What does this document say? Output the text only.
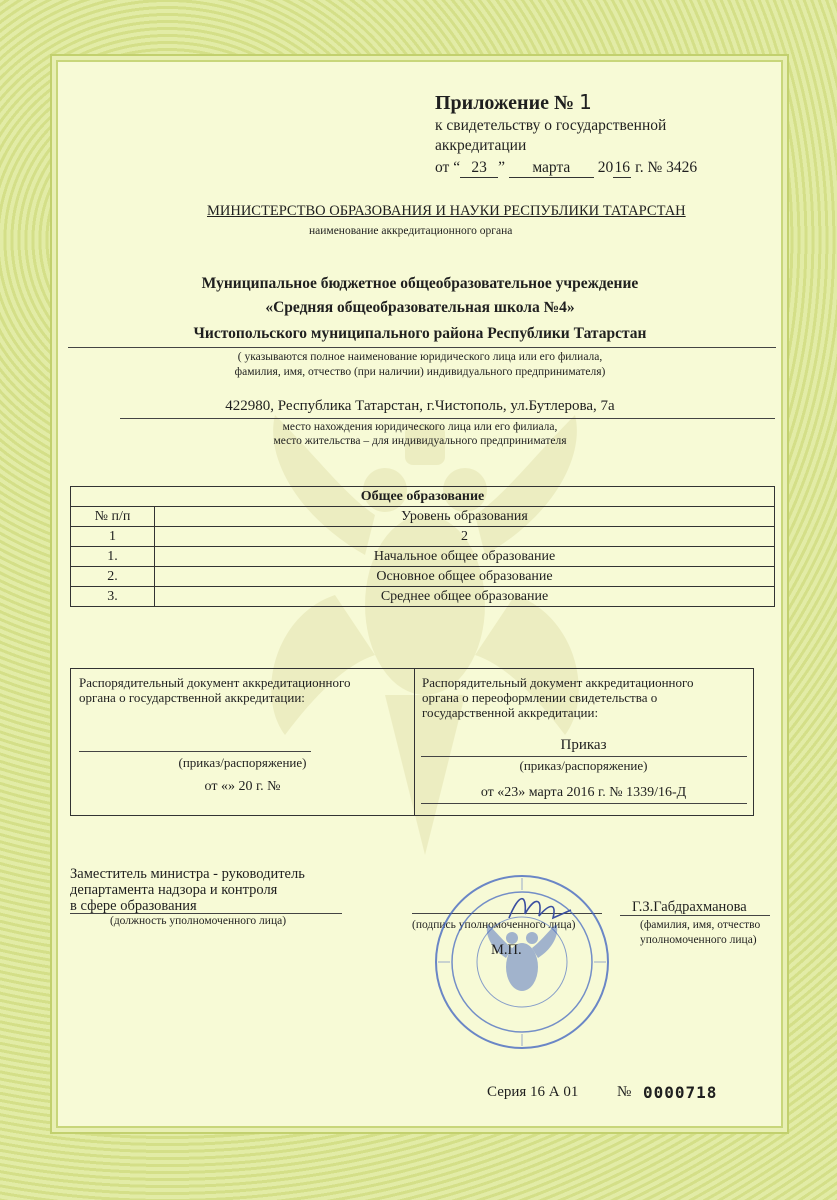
Приложение № 1
к свидетельству о государственной
аккредитации
от “ 23 ” марта 2016 г. № 3426
МИНИСТЕРСТВО ОБРАЗОВАНИЯ И НАУКИ РЕСПУБЛИКИ ТАТАРСТАН
наименование аккредитационного органа
Муниципальное бюджетное общеобразовательное учреждение
«Средняя общеобразовательная школа №4»
Чистопольского муниципального района Республики Татарстан
( указываются полное наименование юридического лица или его филиала,
фамилия, имя, отчество (при наличии) индивидуального предпринимателя)
422980, Республика Татарстан, г.Чистополь, ул.Бутлерова, 7а
место нахождения юридического лица или его филиала,
место жительства – для индивидуального предпринимателя
Общее образование	
№ п/п	Уровень образования
1	2
1.	Начальное общее образование
2.	Основное общее образование
3.	Среднее общее образование
Распорядительный документ аккредитационного
органа о государственной аккредитации:
(приказ/распоряжение)
от «» 20 г. №
Распорядительный документ аккредитационного
органа о переоформлении свидетельства о
государственной аккредитации:
Приказ
(приказ/распоряжение)
от «23» марта 2016 г. № 1339/16-Д
Заместитель министра - руководитель
департамента надзора и контроля
в сфере образования
(должность уполномоченного лица)	(подпись уполномоченного лица)
Г.З.Габдрахманова
(фамилия, имя, отчество
уполномоченного лица)
М.П.
Серия 16 А 01	№ 0000718
